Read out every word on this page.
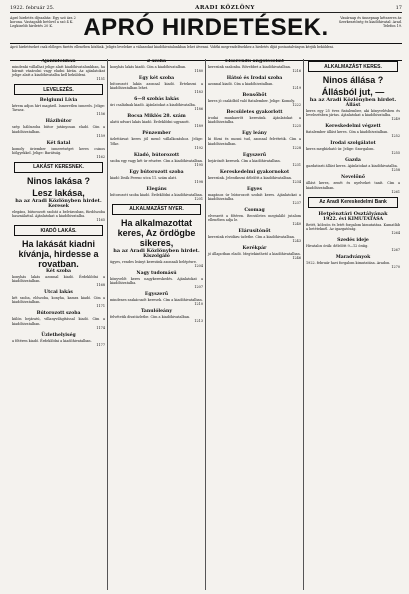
1922. február 25.	ARADI KÖZLÖNY	17
Apró hirdetés díjszabás: Egy szó ára 2 korona. Vastagabb betűvel a szó 4 K. Legkisebb hirdetés 20 K.	APRÓ HIRDETÉSEK.	Vasárnap és ünnepnap kétszeres ár. Szerkesztőség és kiadóhivatal: Arad. Telefon 19.
Apró hirdetéseket csak előleges fizetés ellenében közlünk. Jeligés levelekre a válaszokat kiadóhivatalunkban lehet átvenni. Vidéki megrendelésekhez a hirdetés díját postautalványon kérjük beküldeni.
Ajánlatokban
mindenki vállalhat jelige alatt kiadóhivatalunkban, ha bármit vásárolni vagy eladni kíván. Az ajánlatokat jelige alatt a kiadóhivatalba kell beküldeni.
1151
LEVELEZÉS.
Belgiumi Lívia
kérem adjon hírt magáról. Ismeretlen ismerős. Jelige: Tavasz.
1156
Házibútor
szép hálószoba bútor jutányosan eladó. Cím a kiadóhivatalban.
1159
Két fiatal
komoly úriember ismeretséget keres csinos hölgyekkel. Jelige: Barátság.
1162
LAKÁST KERESNEK.
Ninos lakása ?
Lesz lakása,
ha az Aradi Közlönyben hirdet.
Keresek
elegáns, bútorozott szobát a belvárosban, fürdőszoba használattal. Ajánlatokat a kiadóhivatalba.
1165
KIADÓ LAKÁS.
Ha lakását kiadni kívánja, hirdesse a rovatban.
Két szoba
konyhás lakás azonnal kiadó. Érdeklődni a kiadóhivatalban.
1168
Utcai lakás
két szoba, előszoba, konyha, kamra kiadó. Cím a kiadóhivatalban.
1171
Bútorozott szoba
külön bejáratú, villanyvilágítással kiadó. Cím a kiadóhivatalban.
1174
Üzlethelyiség
a főtéren kiadó. Érdeklődni a kiadóhivatalban.
1177
2 szoba
konyhás lakás kiadó. Cím a kiadóhivatalban.
1180
Egy két szoba
bútorozott lakás azonnal kiadó. Értekezni a kiadóhivatalban lehet.
1183
6—8 szobás lakás
úri családnak kiadó. Ajánlatokat a kiadóhivatalba.
1186
Bocsa Miklós 28. szám
alatti udvari lakás kiadó. Érdeklődni ugyanott.
1189
Pénzember
üzlettársat keres jól menő vállalkozáshoz. Jelige: Tőke.
1192
Kiadó, bútorozott
szoba egy vagy két úr részére. Cím a kiadóhivatalban.
1195
Egy bútorozott szoba
kiadó Deák Ferenc utca 11. szám alatt.
1198
Elegáns
bútorozott szoba kiadó. Érdeklődni a kiadóhivatalban.
1201
ALKALMAZÁST NYER.
Ha alkalmazottat keres, Az ördögbe sikeres,
ha az Aradi Közlönyben hirdet.
Kiszolgáló
ügyes, rendes leányt keresünk azonnali belépésre.
1204
Nagy tudomású
könyvelőt keres nagykereskedés. Ajánlatokat a kiadóhivatalba.
1207
Egyszerű
mindenes szakácsnőt keresek. Cím a kiadóhivatalban.
1210
Tanulóleány
felvétetik divatüzletbe. Cím a kiadóhivatalban.
1213
Elsőrendű angolosokat
keresünk szalonba. Bővebbet a kiadóhivatalban.
1216
Hátsó és Irodai szoba
azonnal kiadó. Cím a kiadóhivatalban.
1219
Bensőbőt
keres jó családból való fiatalember. Jelige: Komoly.
1222
Becsületes gyakorlott
irodai munkaerőt keresünk. Ajánlatokat a kiadóhivatalba.
1225
Egy leány
ki főzni és mosni tud, azonnal felvétetik. Cím a kiadóhivatalban.
1228
Egyszerű
bejárónőt keresek. Cím a kiadóhivatalban.
1231
Kereskedelmi gyakornokot
keresünk. Jelentkezni délelőtt a kiadóhivatalban.
1234
Egyes
magános úr bútorozott szobát keres. Ajánlatokat a kiadóhivatalba.
1237
Csomag
elveszett a főtéren. Becsületes megtaláló jutalom ellenében adja le.
1240
Elárusítónőt
keresünk rövidáru üzletbe. Cím a kiadóhivatalban.
1243
Kerékpár
jó állapotban eladó. Megtekinthető a kiadóhivatalban.
1246
ALKALMAZÁST KERES.
Ninos állása ?
Állásból jut, —
ha az Aradi Közlönyben hirdet.
Állást
keres egy 25 éves fiatalember, aki könyvelésben és levelezésben jártas. Ajánlatokat a kiadóhivatalba.
1249
Kereskedelmi végzett
fiatalember állást keres. Cím a kiadóhivatalban.
1252
Irodai szolgálatot
keres megbízható úr. Jelige: Szorgalom.
1255
Gazda
gazdatiszti állást keres. Ajánlatokat a kiadóhivatalba.
1258
Nevelőnő
állást keres, zenét és nyelveket tanít. Cím a kiadóhivatalban.
1261
Az Aradi Kereskedelmi Bank
Hetpénztári Osztályának
1922. évi KIMUTATÁSA
Betét, kölcsön és letét forgalom kimutatása. Kamatláb a betéteknél. Az igazgatóság.
1264
Szedés ideje
Hivatalos órák: délelőtt 9—12 óráig.
1267
Maradványok
1922. február havi forgalom kimutatása. Aradon.
1270
